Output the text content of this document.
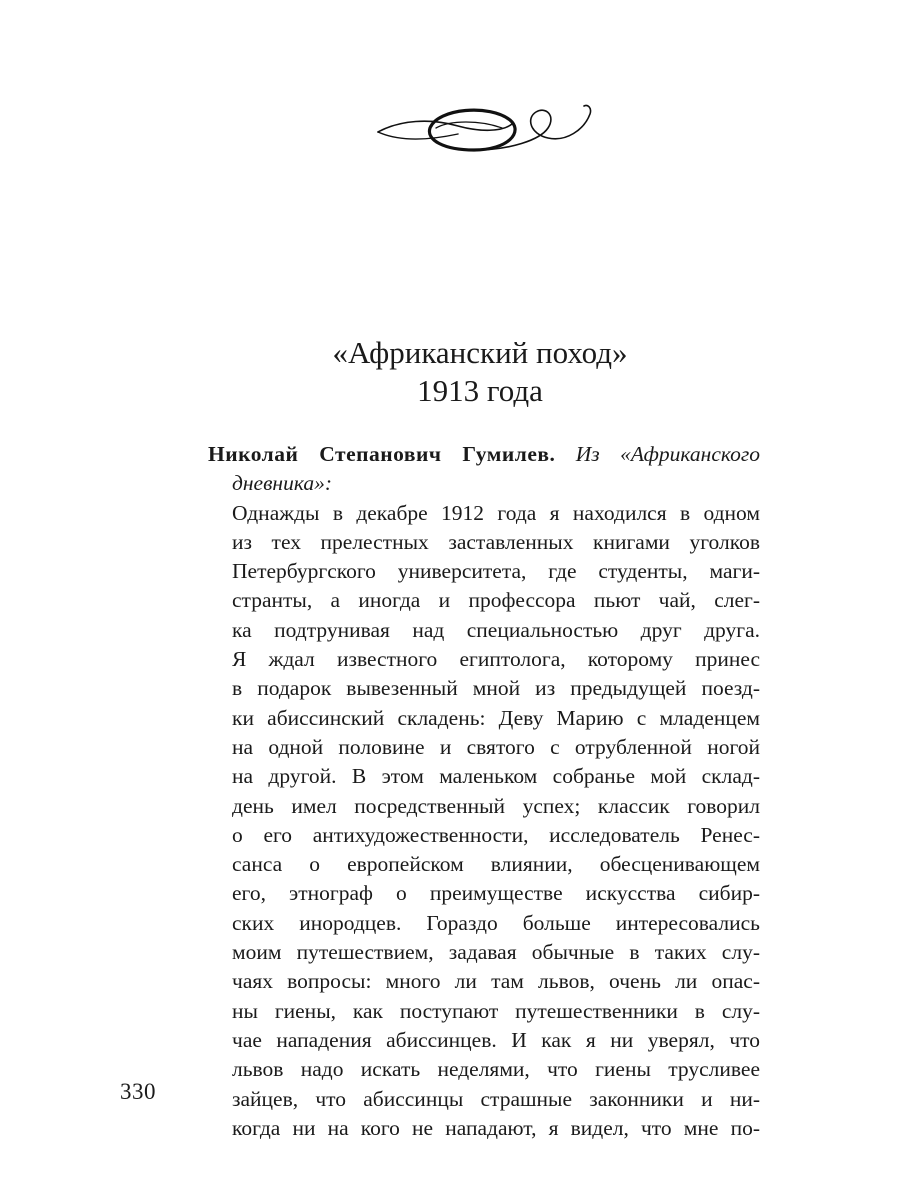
«Африканский поход»
1913 года
Николай Степанович Гумилев. Из «Африканского
дневника»:
Однажды в декабре 1912 года я находился в одном
из тех прелестных заставленных книгами уголков
Петербургского университета, где студенты, маги-
странты, а иногда и профессора пьют чай, слег-
ка подтрунивая над специальностью друг друга.
Я ждал известного египтолога, которому принес
в подарок вывезенный мной из предыдущей поезд-
ки абиссинский складень: Деву Марию с младенцем
на одной половине и святого с отрубленной ногой
на другой. В этом маленьком собранье мой склад-
день имел посредственный успех; классик говорил
о его антихудожественности, исследователь Ренес-
санса о европейском влиянии, обесценивающем
его, этнограф о преимуществе искусства сибир-
ских инородцев. Гораздо больше интересовались
моим путешествием, задавая обычные в таких слу-
чаях вопросы: много ли там львов, очень ли опас-
ны гиены, как поступают путешественники в слу-
чае нападения абиссинцев. И как я ни уверял, что
львов надо искать неделями, что гиены трусливее
зайцев, что абиссинцы страшные законники и ни-
когда ни на кого не нападают, я видел, что мне по-
330
